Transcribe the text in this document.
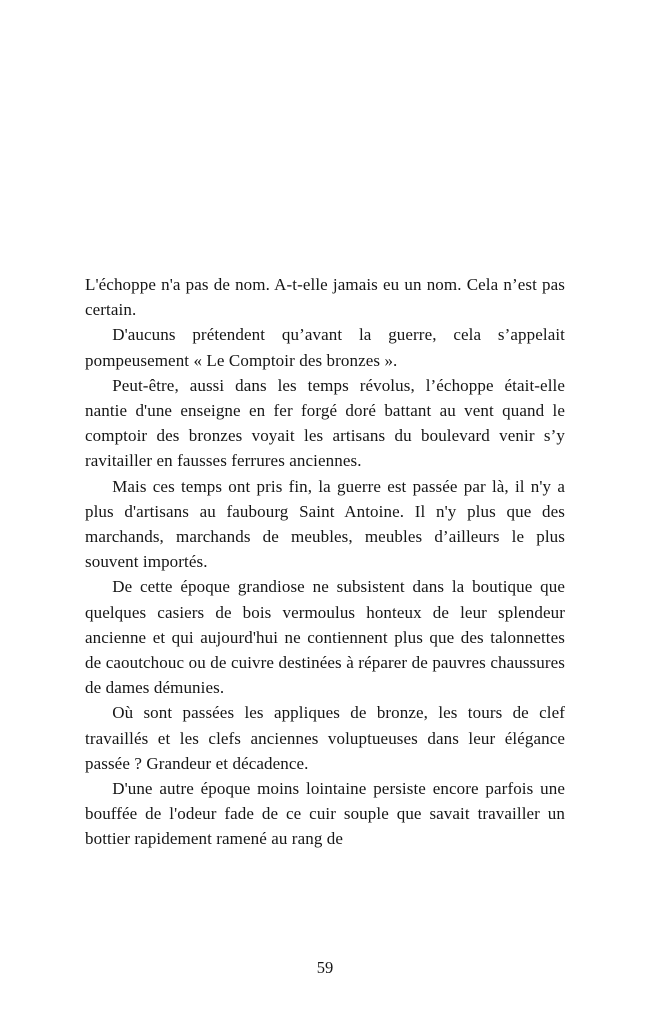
L'échoppe n'a pas de nom. A-t-elle jamais eu un nom. Cela n’est pas certain.

D'aucuns prétendent qu’avant la guerre, cela s’appelait pompeusement « Le Comptoir des bronzes ».

Peut-être, aussi dans les temps révolus, l’échoppe était-elle nantie d'une enseigne en fer forgé doré battant au vent quand le comptoir des bronzes voyait les artisans du boulevard venir s’y ravitailler en fausses ferrures anciennes.

Mais ces temps ont pris fin, la guerre est passée par là, il n'y a plus d'artisans au faubourg Saint Antoine. Il n'y plus que des marchands, marchands de meubles, meubles d’ailleurs le plus souvent importés.

De cette époque grandiose ne subsistent dans la boutique que quelques casiers de bois vermoulus honteux de leur splendeur ancienne et qui aujourd'hui ne contiennent plus que des talonnettes de caoutchouc ou de cuivre destinées à réparer de pauvres chaussures de dames démunies.

Où sont passées les appliques de bronze, les tours de clef travaillés et les clefs anciennes voluptueuses dans leur élégance passée ? Grandeur et décadence.

D'une autre époque moins lointaine persiste encore parfois une bouffée de l'odeur fade de ce cuir souple que savait travailler un bottier rapidement ramené au rang de

59
